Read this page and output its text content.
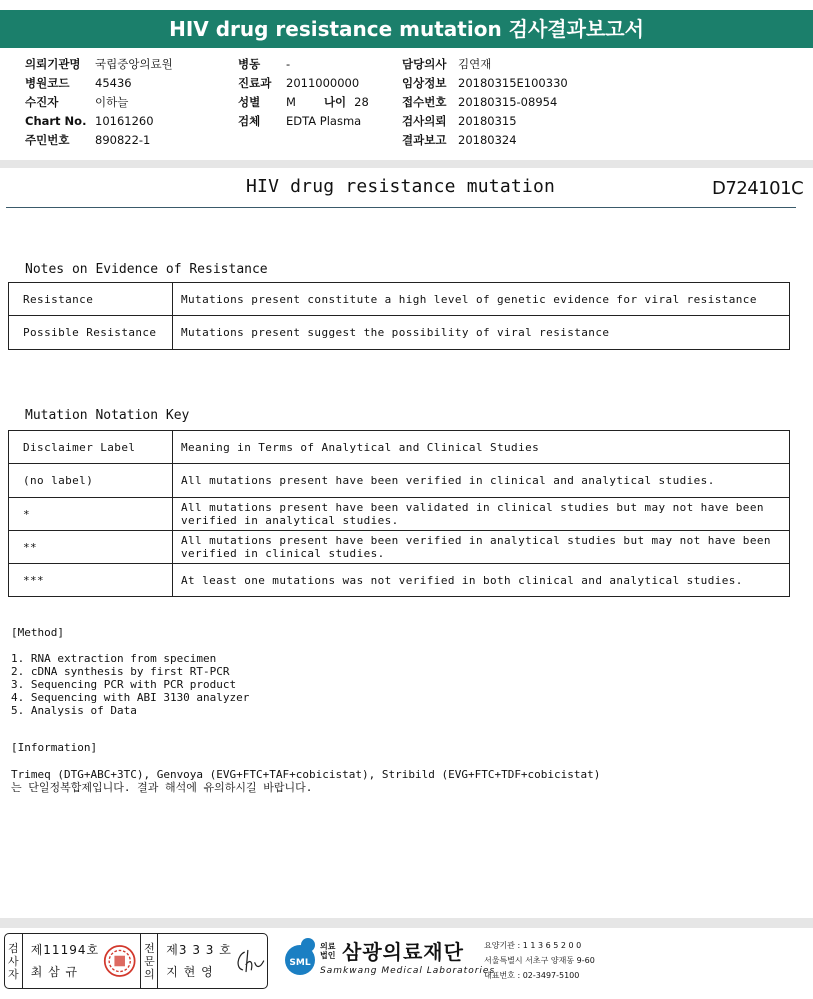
HIV drug resistance mutation 검사결과보고서
의뢰기관명	국립중앙의료원
병원코드	45436
수진자	이하늘
Chart No. 10161260
주민번호	890822-1
병동	-
진료과	2011000000
성별	M 나이 28
검체	EDTA Plasma
담당의사	김연재
임상정보	20180315E100330
접수번호	20180315-08954
검사의뢰	20180315
결과보고	20180324
HIV drug resistance mutation	D724101C
Notes on Evidence of Resistance
Resistance	Mutations present constitute a high level of genetic evidence for viral resistance
Possible Resistance	Mutations present suggest the possibility of viral resistance
Mutation Notation Key
Disclaimer Label	Meaning in Terms of Analytical and Clinical Studies
(no label)	All mutations present have been verified in clinical and analytical studies.
*	All mutations present have been validated in clinical studies but may not have been verified in analytical studies.
**	All mutations present have been verified in analytical studies but may not have been verified in clinical studies.
***	At least one mutations was not verified in both clinical and analytical studies.
[Method]
1. RNA extraction from specimen
2. cDNA synthesis by first RT-PCR
3. Sequencing PCR with PCR product
4. Sequencing with ABI 3130 analyzer
5. Analysis of Data
[Information]
Trimeq (DTG+ABC+3TC), Genvoya (EVG+FTC+TAF+cobicistat), Stribild (EVG+FTC+TDF+cobicistat)
는 단일정복합제입니다. 결과 해석에 유의하시길 바랍니다.
검
사
자
제11194호
최 삼 규
전
문
의
제3 3 3 호
지 현 영
SML
의료
법인 삼광의료재단
Samkwang Medical Laboratories
요양기관 : 1 1 3 6 5 2 0 0
서울특별시 서초구 양재동 9-60
대표번호 : 02-3497-5100
